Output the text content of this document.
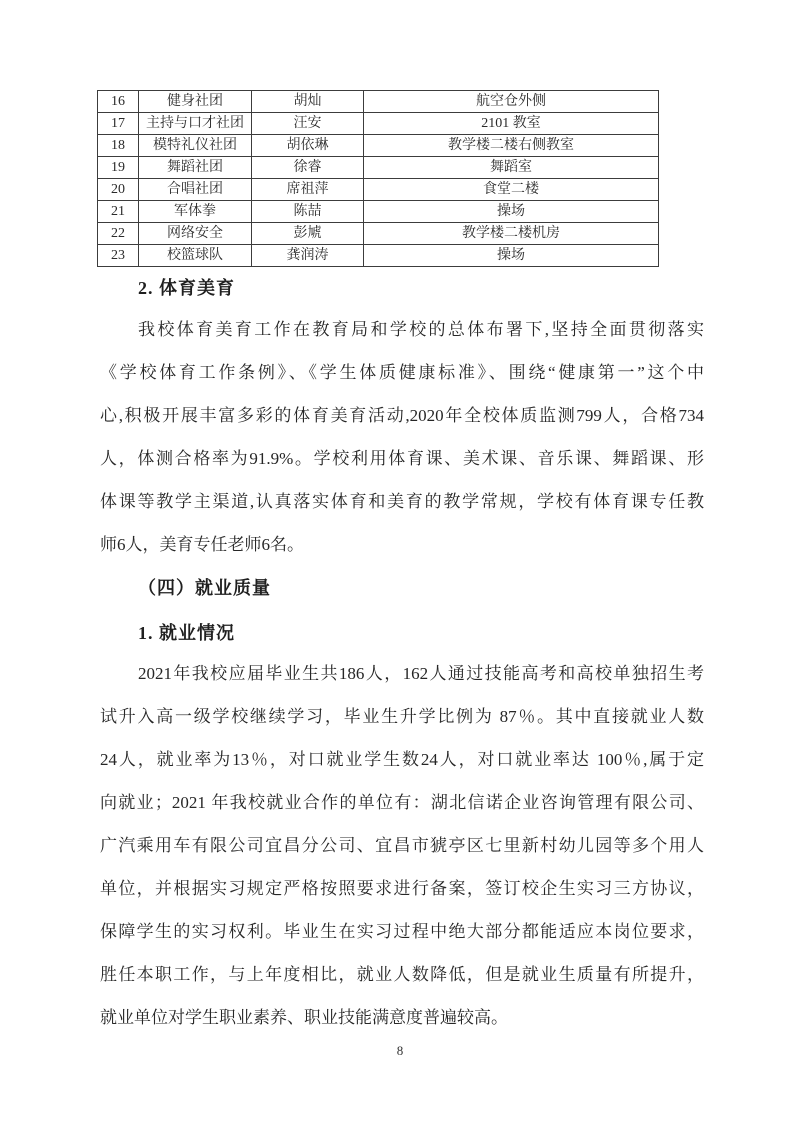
16	健身社团	胡灿	航空仓外侧
17	主持与口才社团	汪安	2101 教室
18	模特礼仪社团	胡依琳	教学楼二楼右侧教室
19	舞蹈社团	徐睿	舞蹈室
20	合唱社团	席祖萍	食堂二楼
21	军体拳	陈喆	操场
22	网络安全	彭虓	教学楼二楼机房
23	校篮球队	龚润涛	操场
2. 体育美育
我校体育美育工作在教育局和学校的总体布署下,坚持全面贯彻落实
《学校体育工作条例》、《学生体质健康标准》、围绕“健康第一”这个中
心,积极开展丰富多彩的体育美育活动,2020年全校体质监测799人，合格734
人，体测合格率为91.9%。学校利用体育课、美术课、音乐课、舞蹈课、形
体课等教学主渠道,认真落实体育和美育的教学常规，学校有体育课专任教
师6人，美育专任老师6名。
（四）就业质量
1. 就业情况
2021年我校应届毕业生共186人，162人通过技能高考和高校单独招生考
试升入高一级学校继续学习，毕业生升学比例为 87％。其中直接就业人数
24人，就业率为13％，对口就业学生数24人，对口就业率达 100％,属于定
向就业；2021 年我校就业合作的单位有：湖北信诺企业咨询管理有限公司、
广汽乘用车有限公司宜昌分公司、宜昌市猇亭区七里新村幼儿园等多个用人
单位，并根据实习规定严格按照要求进行备案，签订校企生实习三方协议，
保障学生的实习权利。毕业生在实习过程中绝大部分都能适应本岗位要求，
胜任本职工作，与上年度相比，就业人数降低，但是就业生质量有所提升，
就业单位对学生职业素养、职业技能满意度普遍较高。
8
